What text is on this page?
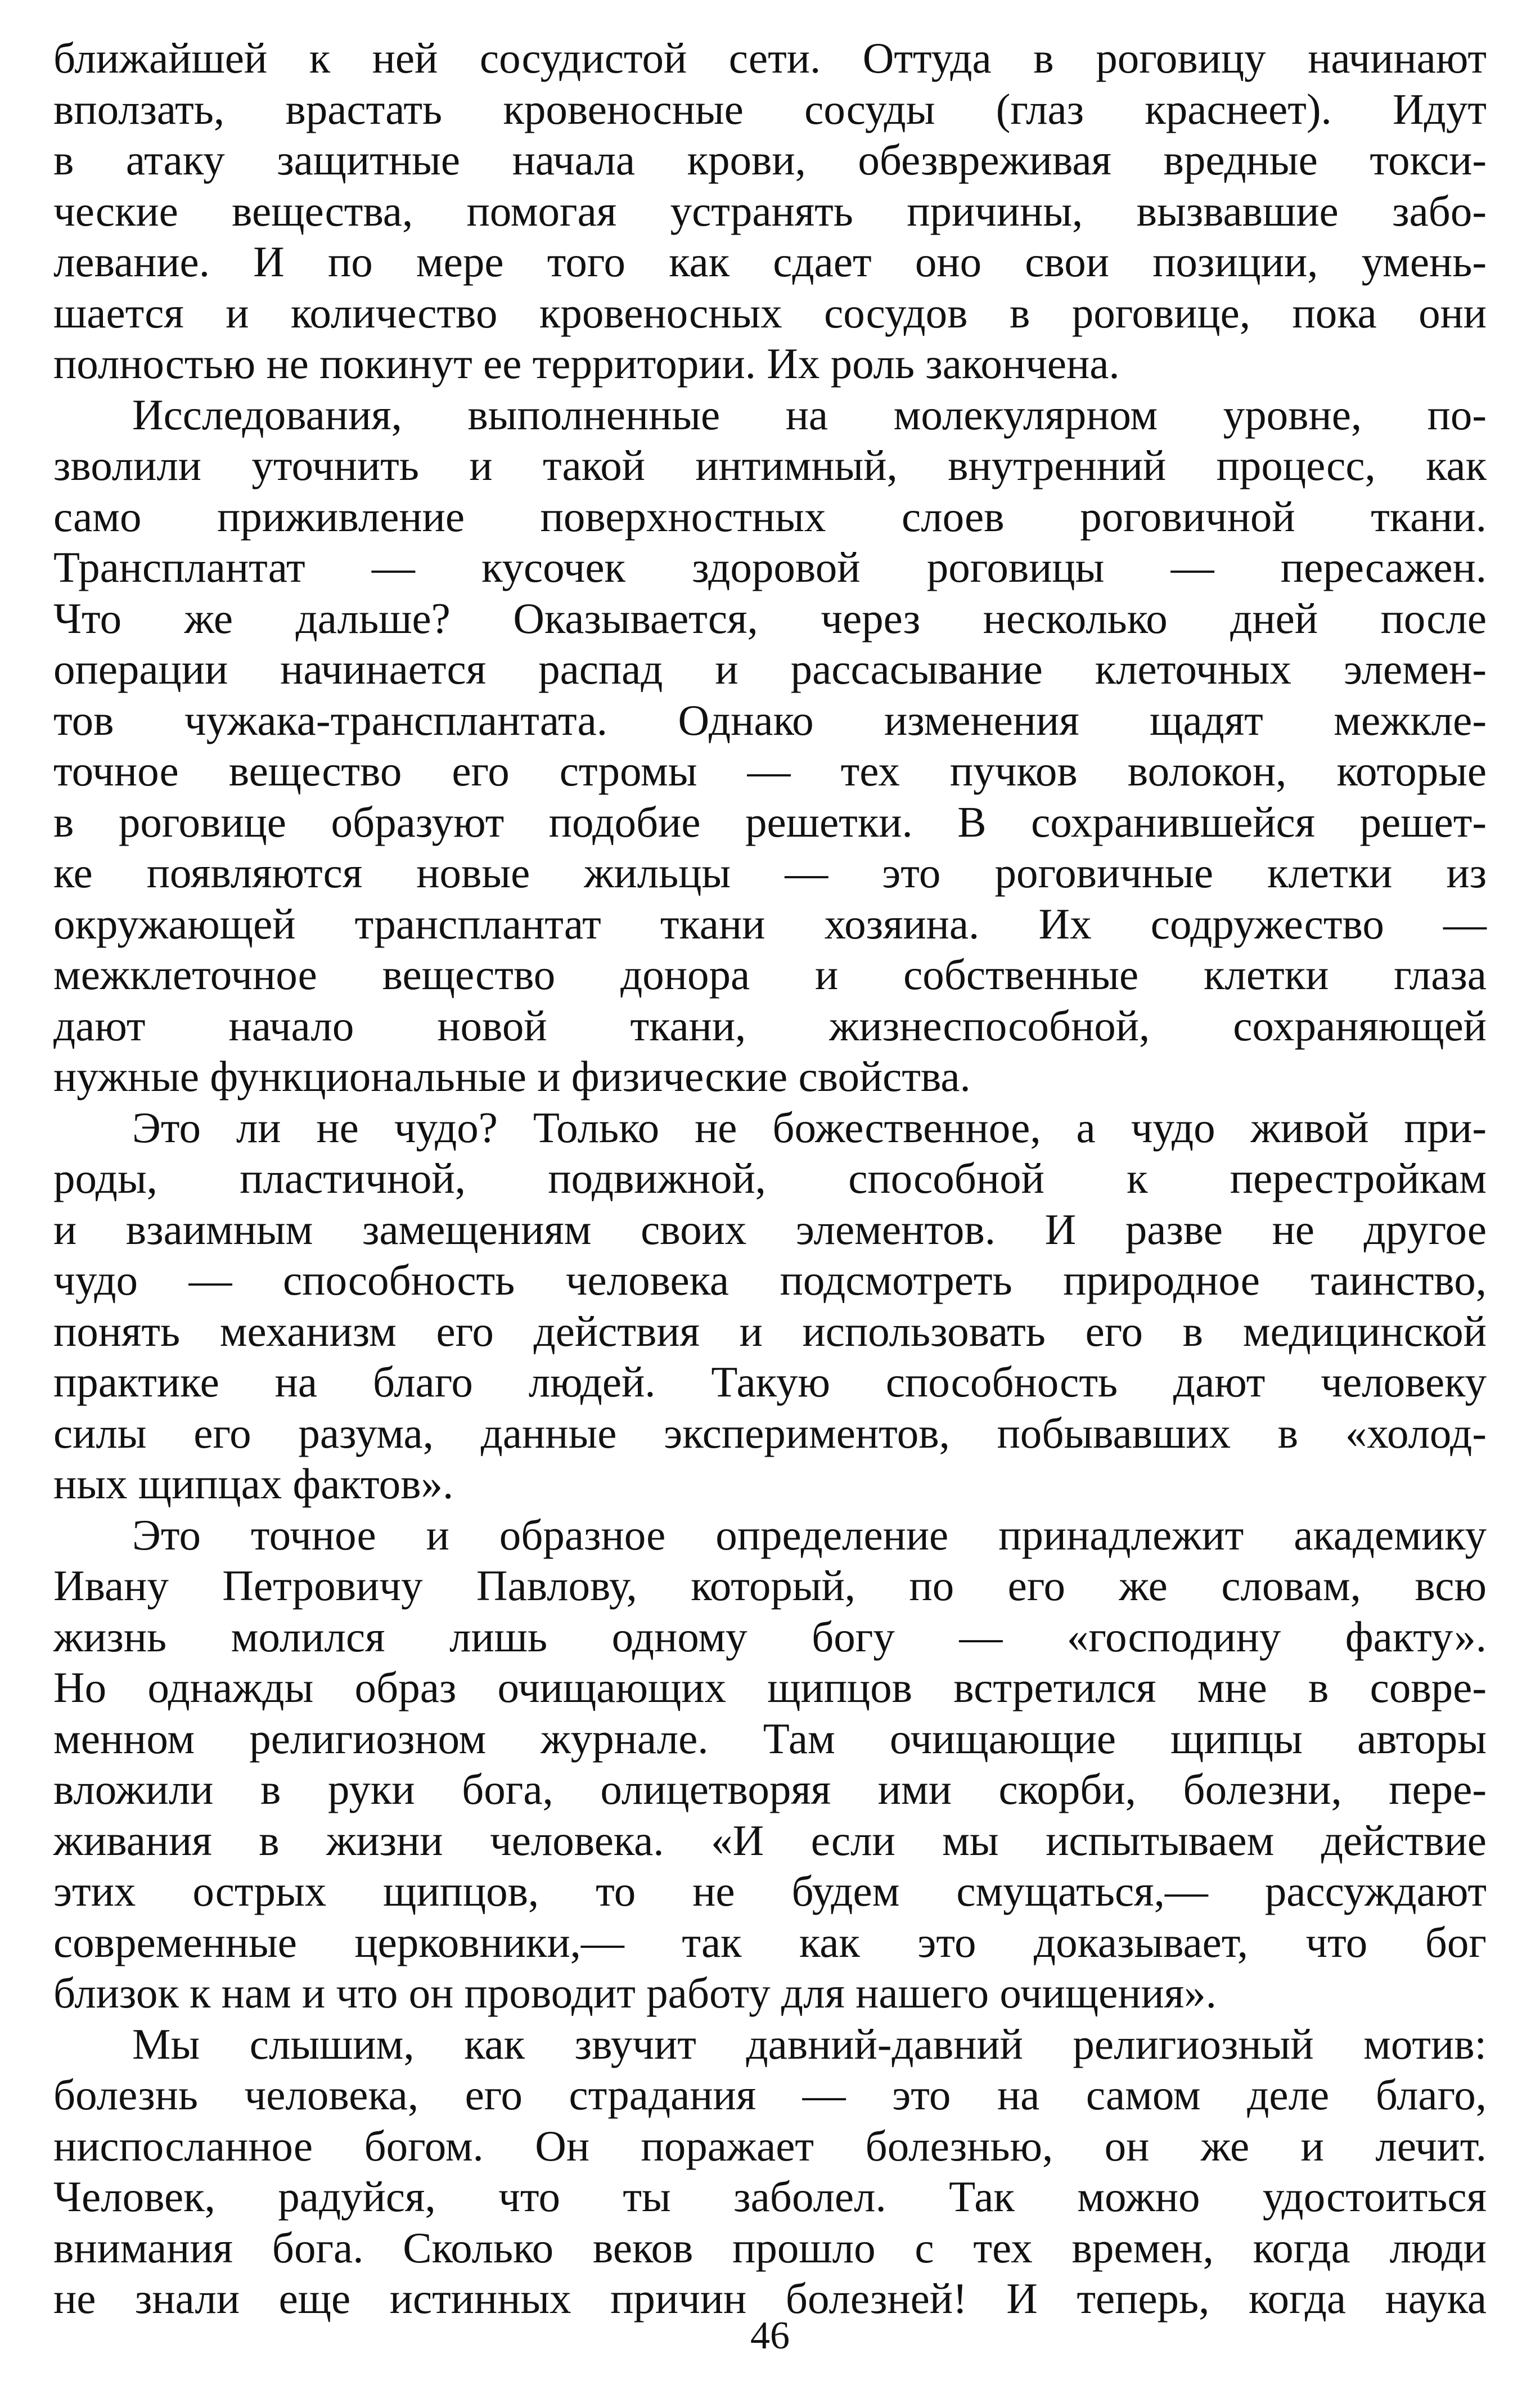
ближайшей к ней сосудистой сети. Оттуда в роговицу начинают
вползать, врастать кровеносные сосуды (глаз краснеет). Идут
в атаку защитные начала крови, обезвреживая вредные токси-
ческие вещества, помогая устранять причины, вызвавшие забо-
левание. И по мере того как сдает оно свои позиции, умень-
шается и количество кровеносных сосудов в роговице, пока они
полностью не покинут ее территории. Их роль закончена.
Исследования, выполненные на молекулярном уровне, по-
зволили уточнить и такой интимный, внутренний процесс, как
само приживление поверхностных слоев роговичной ткани.
Трансплантат — кусочек здоровой роговицы — пересажен.
Что же дальше? Оказывается, через несколько дней после
операции начинается распад и рассасывание клеточных элемен-
тов чужака-трансплантата. Однако изменения щадят межкле-
точное вещество его стромы — тех пучков волокон, которые
в роговице образуют подобие решетки. В сохранившейся решет-
ке появляются новые жильцы — это роговичные клетки из
окружающей трансплантат ткани хозяина. Их содружество —
межклеточное вещество донора и собственные клетки глаза
дают начало новой ткани, жизнеспособной, сохраняющей
нужные функциональные и физические свойства.
Это ли не чудо? Только не божественное, а чудо живой при-
роды, пластичной, подвижной, способной к перестройкам
и взаимным замещениям своих элементов. И разве не другое
чудо — способность человека подсмотреть природное таинство,
понять механизм его действия и использовать его в медицинской
практике на благо людей. Такую способность дают человеку
силы его разума, данные экспериментов, побывавших в «холод-
ных щипцах фактов».
Это точное и образное определение принадлежит академику
Ивану Петровичу Павлову, который, по его же словам, всю
жизнь молился лишь одному богу — «господину факту».
Но однажды образ очищающих щипцов встретился мне в совре-
менном религиозном журнале. Там очищающие щипцы авторы
вложили в руки бога, олицетворяя ими скорби, болезни, пере-
живания в жизни человека. «И если мы испытываем действие
этих острых щипцов, то не будем смущаться,— рассуждают
современные церковники,— так как это доказывает, что бог
близок к нам и что он проводит работу для нашего очищения».
Мы слышим, как звучит давний-давний религиозный мотив:
болезнь человека, его страдания — это на самом деле благо,
ниспосланное богом. Он поражает болезнью, он же и лечит.
Человек, радуйся, что ты заболел. Так можно удостоиться
внимания бога. Сколько веков прошло с тех времен, когда люди
не знали еще истинных причин болезней! И теперь, когда наука
46
